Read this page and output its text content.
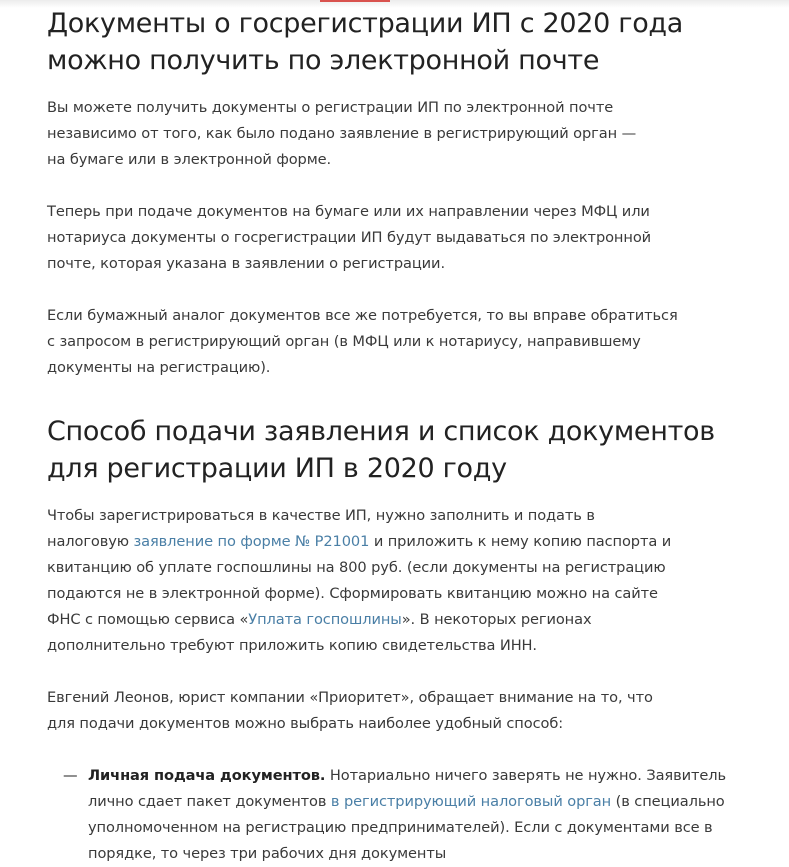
Документы о госрегистрации ИП с 2020 года
можно получить по электронной почте

Вы можете получить документы о регистрации ИП по электронной почте независимо от того, как было подано заявление в регистрирующий орган — на бумаге или в электронной форме.

Теперь при подаче документов на бумаге или их направлении через МФЦ или нотариуса документы о госрегистрации ИП будут выдаваться по электронной почте, которая указана в заявлении о регистрации.

Если бумажный аналог документов все же потребуется, то вы вправе обратиться с запросом в регистрирующий орган (в МФЦ или к нотариусу, направившему документы на регистрацию).

Способ подачи заявления и список документов
для регистрации ИП в 2020 году

Чтобы зарегистрироваться в качестве ИП, нужно заполнить и подать в налоговую заявление по форме № Р21001 и приложить к нему копию паспорта и квитанцию об уплате госпошлины на 800 руб. (если документы на регистрацию подаются не в электронной форме). Сформировать квитанцию можно на сайте ФНС с помощью сервиса «Уплата госпошлины». В некоторых регионах дополнительно требуют приложить копию свидетельства ИНН.

Евгений Леонов, юрист компании «Приоритет», обращает внимание на то, что для подачи документов можно выбрать наиболее удобный способ:

— Личная подача документов. Нотариально ничего заверять не нужно. Заявитель лично сдает пакет документов в регистрирующий налоговый орган (в специально уполномоченном на регистрацию предпринимателей). Если с документами все в порядке, то через три рабочих дня документы
